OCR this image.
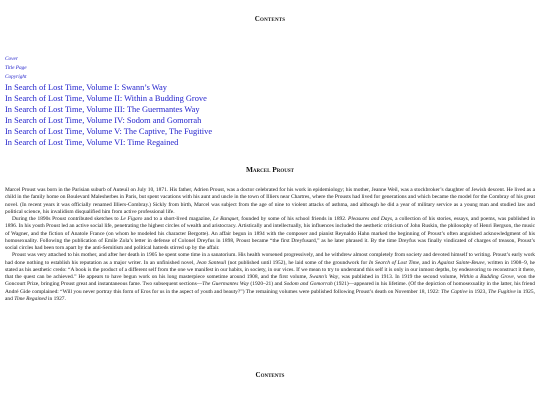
Contents
Cover
Title Page
Copyright
In Search of Lost Time, Volume I: Swann’s Way
In Search of Lost Time, Volume II: Within a Budding Grove
In Search of Lost Time, Volume III: The Guermantes Way
In Search of Lost Time, Volume IV: Sodom and Gomorrah
In Search of Lost Time, Volume V: The Captive, The Fugitive
In Search of Lost Time, Volume VI: Time Regained
Marcel Proust

Marcel Proust was born in the Parisian suburb of Auteuil on July 10, 1871. His father, Adrien Proust, was a doctor celebrated for his work in epidemiology; his mother, Jeanne Weil, was a stockbroker’s daughter of Jewish descent. He lived as a child in the family home on Boulevard Malesherbes in Paris, but spent vacations with his aunt and uncle in the town of Illiers near Chartres, where the Prousts had lived for generations and which became the model for the Combray of his great novel. (In recent years it was officially renamed Illiers-Combray.) Sickly from birth, Marcel was subject from the age of nine to violent attacks of asthma, and although he did a year of military service as a young man and studied law and political science, his invalidism disqualified him from active professional life.

During the 1890s Proust contributed sketches to Le Figaro and to a short-lived magazine, Le Banquet, founded by some of his school friends in 1892. Pleasures and Days, a collection of his stories, essays, and poems, was published in 1896. In his youth Proust led an active social life, penetrating the highest circles of wealth and aristocracy. Artistically and intellectually, his influences included the aesthetic criticism of John Ruskin, the philosophy of Henri Bergson, the music of Wagner, and the fiction of Anatole France (on whom he modeled his character Bergotte). An affair begun in 1894 with the composer and pianist Reynaldo Hahn marked the beginning of Proust’s often anguished acknowledgment of his homosexuality. Following the publication of Emile Zola’s letter in defense of Colonel Dreyfus in 1898, Proust became “the first Dreyfusard,” as he later phrased it. By the time Dreyfus was finally vindicated of charges of treason, Proust’s social circles had been torn apart by the anti-Semitism and political hatreds stirred up by the affair.

Proust was very attached to his mother, and after her death in 1905 he spent some time in a sanatorium. His health worsened progressively, and he withdrew almost completely from society and devoted himself to writing. Proust’s early work had done nothing to establish his reputation as a major writer. In an unfinished novel, Jean Santeuil (not published until 1952), he laid some of the groundwork for In Search of Lost Time, and in Against Sainte-Beuve, written in 1908–9, he stated as his aesthetic credo: “A book is the product of a different self from the one we manifest in our habits, in society, in our vices. If we mean to try to understand this self it is only in our inmost depths, by endeavoring to reconstruct it there, that the quest can be achieved.” He appears to have begun work on his long masterpiece sometime around 1908, and the first volume, Swann’s Way, was published in 1913. In 1919 the second volume, Within a Budding Grove, won the Goncourt Prize, bringing Proust great and instantaneous fame. Two subsequent sections—The Guermantes Way (1920–21) and Sodom and Gomorrah (1921)—appeared in his lifetime. (Of the depiction of homosexuality in the latter, his friend André Gide complained: “Will you never portray this form of Eros for us in the aspect of youth and beauty?”) The remaining volumes were published following Proust’s death on November 18, 1922: The Captive in 1923, The Fugitive in 1925, and Time Regained in 1927.

Contents
